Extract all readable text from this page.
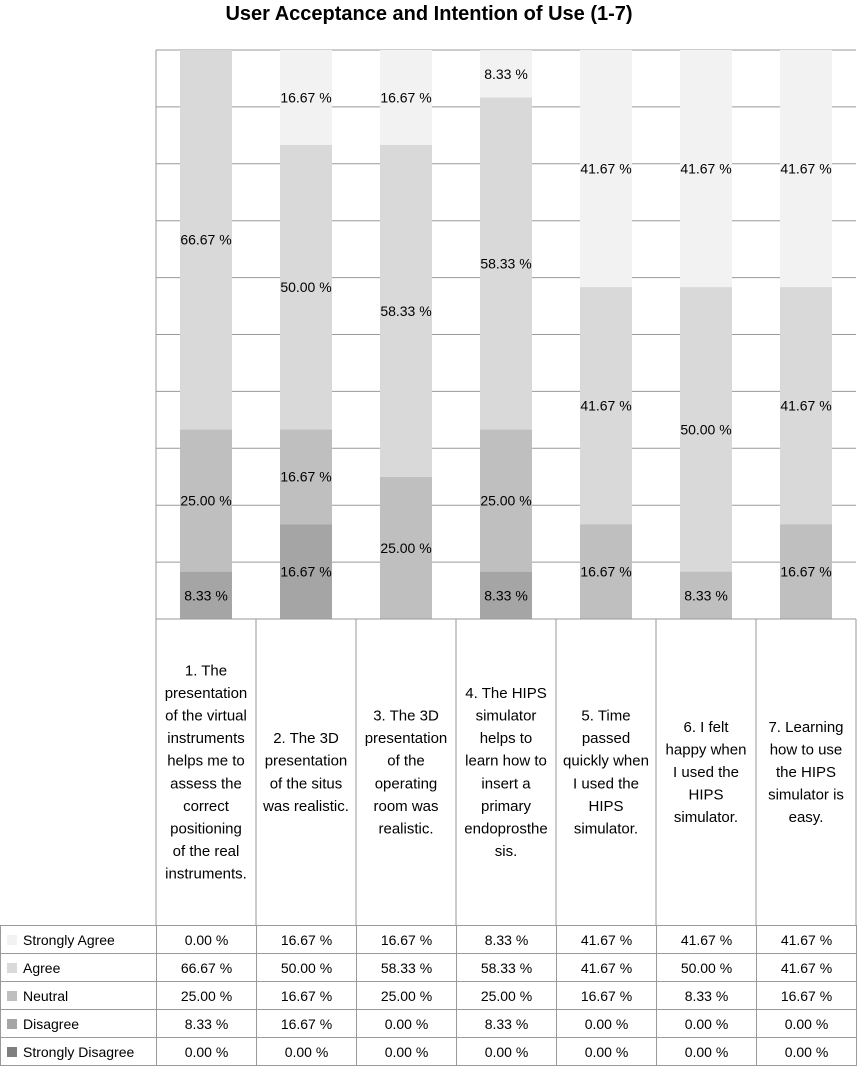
User Acceptance and Intention of Use (1-7)
8.33 %
25.00 %
66.67 %
16.67 %
16.67 %
50.00 %
16.67 %
25.00 %
58.33 %
16.67 %
8.33 %
25.00 %
58.33 %
8.33 %
16.67 %
41.67 %
41.67 %
8.33 %
50.00 %
41.67 %
16.67 %
41.67 %
41.67 %
1. The presentation of the virtual instruments helps me to assess the correct positioning of the real instruments.
2. The 3D presentation of the situs was realistic.
3. The 3D presentation of the operating room was realistic.
4. The HIPS simulator helps to learn how to insert a primary endoprosthe sis.
5. Time passed quickly when I used the HIPS simulator.
6. I felt happy when I used the HIPS simulator.
7. Learning how to use the HIPS simulator is easy.
Strongly Agree	0.00 %	16.67 %	16.67 %	8.33 %	41.67 %	41.67 %	41.67 %
Agree	66.67 %	50.00 %	58.33 %	58.33 %	41.67 %	50.00 %	41.67 %
Neutral	25.00 %	16.67 %	25.00 %	25.00 %	16.67 %	8.33 %	16.67 %
Disagree	8.33 %	16.67 %	0.00 %	8.33 %	0.00 %	0.00 %	0.00 %
Strongly Disagree	0.00 %	0.00 %	0.00 %	0.00 %	0.00 %	0.00 %	0.00 %
